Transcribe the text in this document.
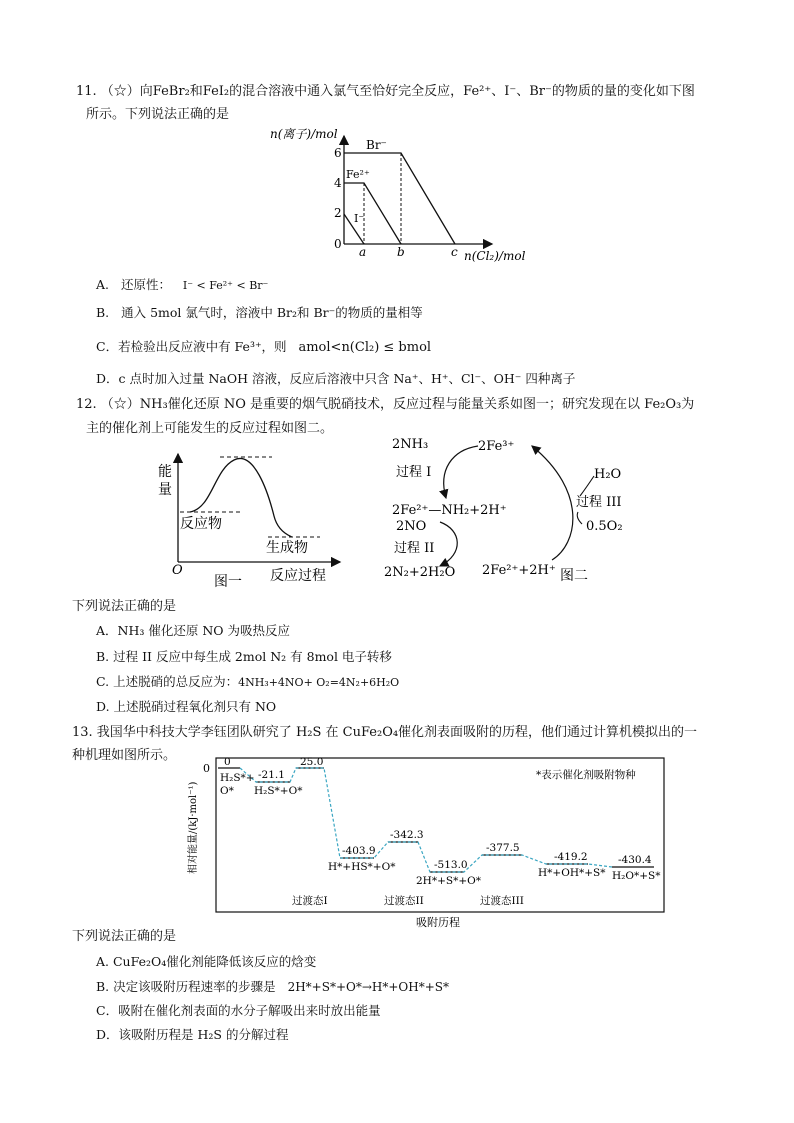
11. （☆）向FeBr₂和FeI₂的混合溶液中通入氯气至恰好完全反应，Fe²⁺、I⁻、Br⁻的物质的量的变化如下图
所示。下列说法正确的是
n(离子)/mol
n(Cl₂)/mol
0
2
4
6
a	b	c
Br⁻
Fe²⁺
I⁻
A. 还原性： I⁻ < Fe²⁺ < Br⁻
B. 通入 5mol 氯气时，溶液中 Br₂和 Br⁻的物质的量相等
C．若检验出反应液中有 Fe³⁺，则 amol<n(Cl₂) ≤ bmol
D．c 点时加入过量 NaOH 溶液，反应后溶液中只含 Na⁺、H⁺、Cl⁻、OH⁻ 四种离子
12. （☆）NH₃催化还原 NO 是重要的烟气脱硝技术，反应过程与能量关系如图一；研究发现在以 Fe₂O₃为
主的催化剂上可能发生的反应过程如图二。
能
量
O
反应物
生成物
反应过程
图一
2NH₃	2Fe³⁺
过程 I	H₂O
过程 III
2Fe²⁺—NH₂+2H⁺
0.5O₂
2NO
过程 II
2N₂+2H₂O 2Fe²⁺+2H⁺ 图二
下列说法正确的是
A．NH₃ 催化还原 NO 为吸热反应
B. 过程 II 反应中每生成 2mol N₂ 有 8mol 电子转移
C. 上述脱硝的总反应为：4NH₃+4NO+ O₂=4N₂+6H₂O
D. 上述脱硝过程氧化剂只有 NO
13. 我国华中科技大学李钰团队研究了 H₂S 在 CuFe₂O₄催化剂表面吸附的历程，他们通过计算机模拟出的一
种机理如图所示。
0
相对能量/(kJ·mol⁻¹)
*表示催化剂吸附物种
吸附历程
0
-21.1
25.0
-403.9
-342.3
-513.0
-377.5
-419.2	-430.4
H₂S*+
O* H₂S*+O*
H*+HS*+O*
2H*+S*+O*
H*+OH*+S* H₂O*+S*
过渡态I	过渡态II	过渡态III
下列说法正确的是
A. CuFe₂O₄催化剂能降低该反应的焓变
B. 决定该吸附历程速率的步骤是 2H*+S*+O*→H*+OH*+S*
C．吸附在催化剂表面的水分子解吸出来时放出能量
D．该吸附历程是 H₂S 的分解过程
